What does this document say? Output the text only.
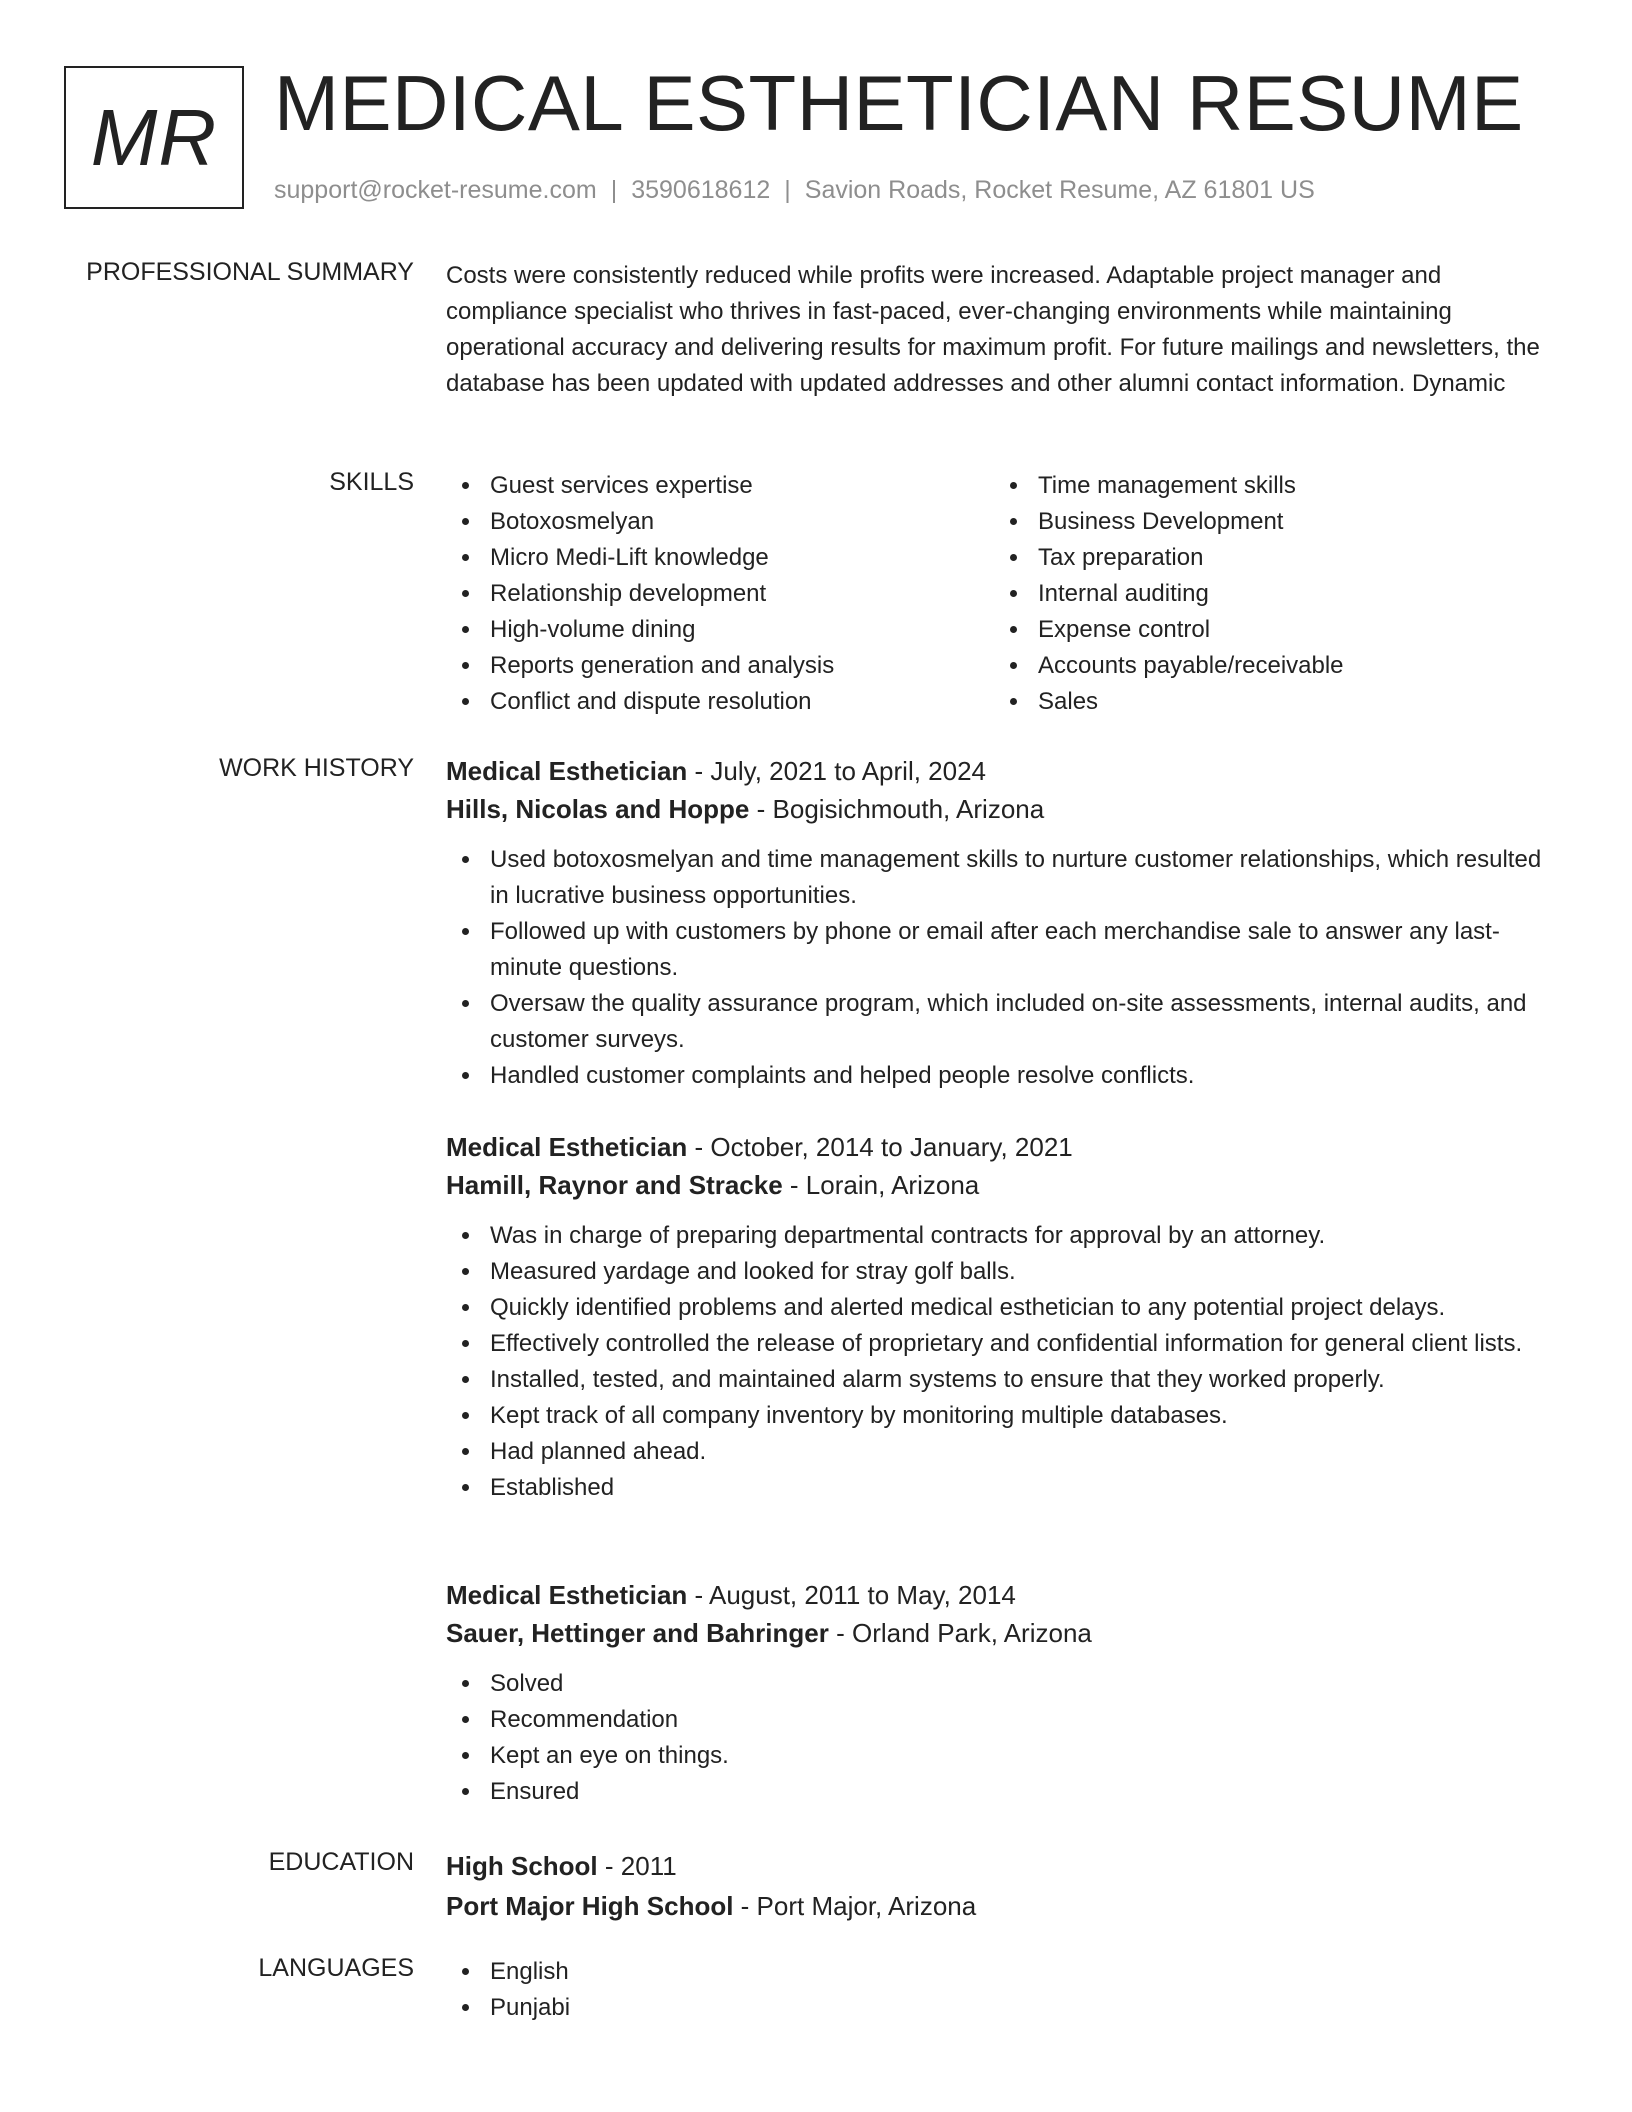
MR MEDICAL ESTHETICIAN RESUME
support@rocket-resume.com | 3590618612 | Savion Roads, Rocket Resume, AZ 61801 US
PROFESSIONAL SUMMARY Costs were consistently reduced while profits were increased. Adaptable project manager and compliance specialist who thrives in fast-paced, ever-changing environments while maintaining operational accuracy and delivering results for maximum profit. For future mailings and newsletters, the database has been updated with updated addresses and other alumni contact information. Dynamic

SKILLS	Guest services expertise
Botoxosmelyan
Micro Medi-Lift knowledge
Relationship development
High-volume dining
Reports generation and analysis
Conflict and dispute resolution
Time management skills
Business Development
Tax preparation
Internal auditing
Expense control
Accounts payable/receivable
Sales
WORK HISTORY Medical Esthetician - July, 2021 to April, 2024
Hills, Nicolas and Hoppe - Bogisichmouth, Arizona
Used botoxosmelyan and time management skills to nurture customer relationships, which resulted in lucrative business opportunities.
Followed up with customers by phone or email after each merchandise sale to answer any last-minute questions.
Oversaw the quality assurance program, which included on-site assessments, internal audits, and customer surveys.
Handled customer complaints and helped people resolve conflicts.
Medical Esthetician - October, 2014 to January, 2021
Hamill, Raynor and Stracke - Lorain, Arizona
Was in charge of preparing departmental contracts for approval by an attorney.
Measured yardage and looked for stray golf balls.
Quickly identified problems and alerted medical esthetician to any potential project delays.
Effectively controlled the release of proprietary and confidential information for general client lists.
Installed, tested, and maintained alarm systems to ensure that they worked properly.
Kept track of all company inventory by monitoring multiple databases.
Had planned ahead.
Established
Medical Esthetician - August, 2011 to May, 2014
Sauer, Hettinger and Bahringer - Orland Park, Arizona
Solved
Recommendation
Kept an eye on things.
Ensured
EDUCATION High School - 2011
Port Major High School - Port Major, Arizona
LANGUAGES	English
Punjabi
